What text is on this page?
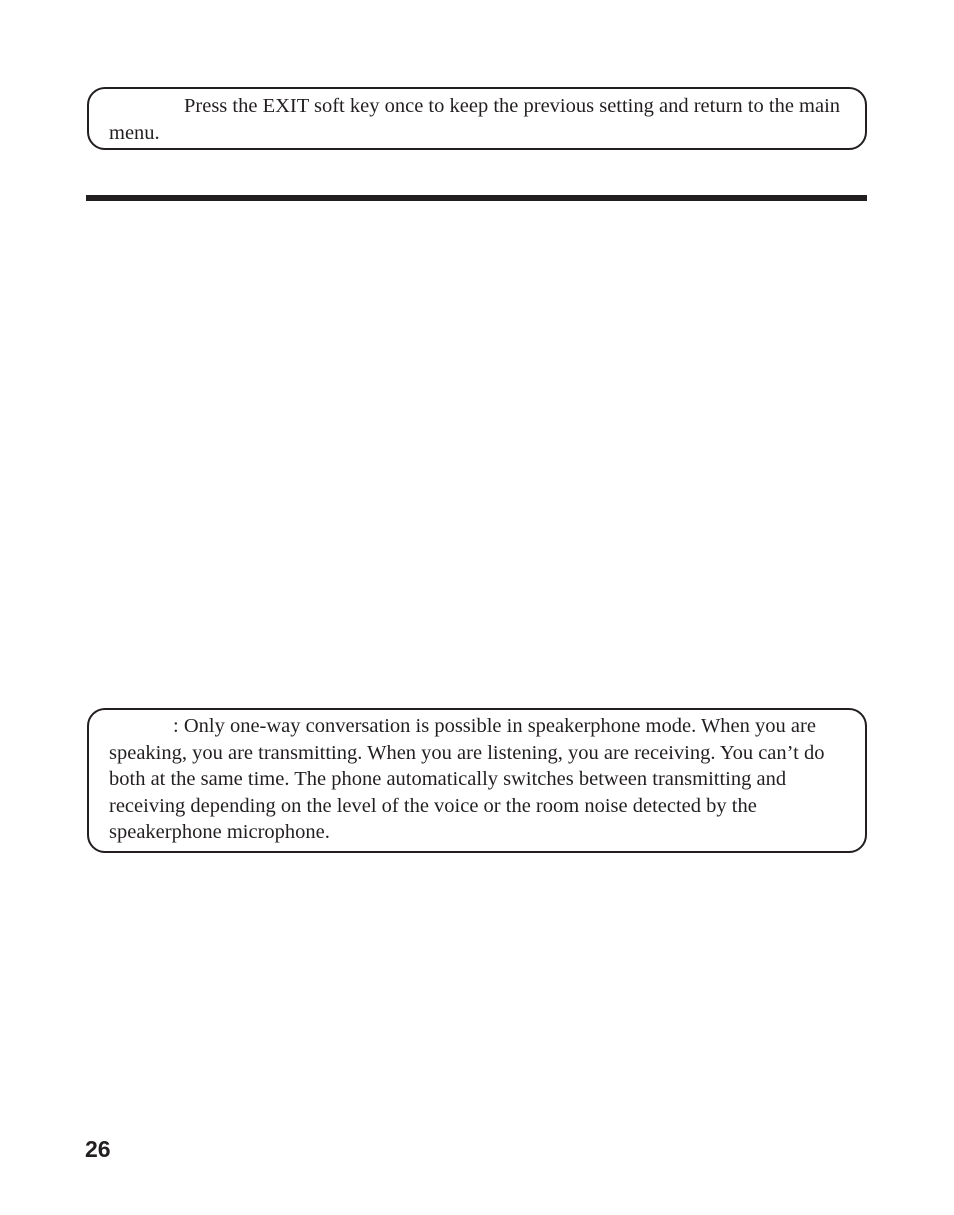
Press the EXIT soft key once to keep the previous setting and return to the main menu.
: Only one-way conversation is possible in speakerphone mode. When you are speaking, you are transmitting. When you are listening, you are receiving. You can’t do both at the same time. The phone automatically switches between transmitting and receiving depending on the level of the voice or the room noise detected by the speakerphone microphone.
26
